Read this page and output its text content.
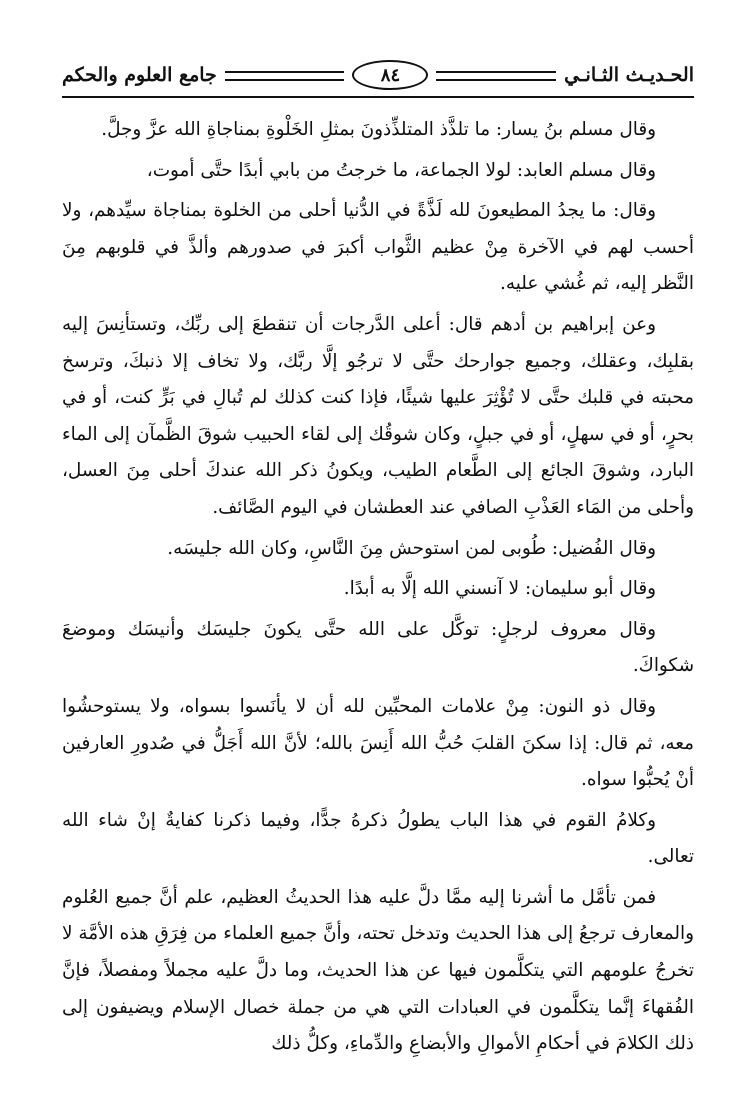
الحـديـث الثـانـي
٨٤
جامع العلوم والحكم

وقال مسلم بنُ يسار: ما تلذَّذ المتلذِّذونَ بمثلِ الخَلْوةِ بمناجاةِ الله عزَّ وجلَّ.

وقال مسلم العابد: لولا الجماعة، ما خرجتُ من بابي أبدًا حتَّى أموت،

وقال: ما يجدُ المطيعونَ لله لَذَّةً في الدُّنيا أحلى من الخلوة بمناجاة سيِّدهم، ولا أحسب لهم في الآخرة مِنْ عظيم الثَّواب أكبرَ في صدورهم وألذَّ في قلوبهم مِنَ النَّظر إليه، ثم غُشي عليه.

وعن إبراهيم بن أدهم قال: أعلى الدَّرجات أن تنقطعَ إلى ربِّك، وتستأنِسَ إليه بقلبِك، وعقلك، وجميع جوارحك حتَّى لا ترجُو إلَّا ربَّك، ولا تخاف إلا ذنبكَ، وترسخ محبته في قلبك حتَّى لا تُؤْثِرَ عليها شيئًا، فإذا كنت كذلك لم تُبالِ في بَرٍّ كنت، أو في بحرٍ، أو في سهلٍ، أو في جبلٍ، وكان شوقُك إلى لقاء الحبيب شوقَ الظَّمآن إلى الماء البارد، وشوقَ الجائع إلى الطَّعام الطيب، ويكونُ ذكر الله عندكَ أحلى مِنَ العسل، وأحلى من المَاء العَذْبِ الصافي عند العطشان في اليوم الصَّائف.

وقال الفُضيل: طُوبى لمن استوحش مِنَ النَّاسِ، وكان الله جليسَه.

وقال أبو سليمان: لا آنسني الله إلَّا به أبدًا.

وقال معروف لرجلٍ: توكَّل على الله حتَّى يكونَ جليسَك وأنيسَك وموضعَ شكواكَ.

وقال ذو النون: مِنْ علامات المحبِّين لله أن لا يأنَسوا بسواه، ولا يستوحشُوا معه، ثم قال: إذا سكنَ القلبَ حُبُّ الله أَنِسَ بالله؛ لأنَّ الله أَجَلُّ في صُدورِ العارفين أنْ يُحبُّوا سواه.

وكلامُ القوم في هذا الباب يطولُ ذكرهُ جدًّا، وفيما ذكرنا كفايةٌ إنْ شاء الله تعالى.

فمن تأمَّل ما أشرنا إليه ممَّا دلَّ عليه هذا الحديثُ العظيم، علم أنَّ جميع العُلوم والمعارف ترجعُ إلى هذا الحديث وتدخل تحته، وأنَّ جميع العلماء من فِرَقِ هذه الأمَّة لا تخرجُ علومهم التي يتكلَّمون فيها عن هذا الحديث، وما دلَّ عليه مجملاً ومفصلاً، فإنَّ الفُقهاءَ إنَّما يتكلَّمون في العبادات التي هي من جملة خصال الإسلام ويضيفون إلى ذلك الكلامَ في أحكامِ الأموالِ والأبضاعِ والدِّماءِ، وكلُّ ذلك
